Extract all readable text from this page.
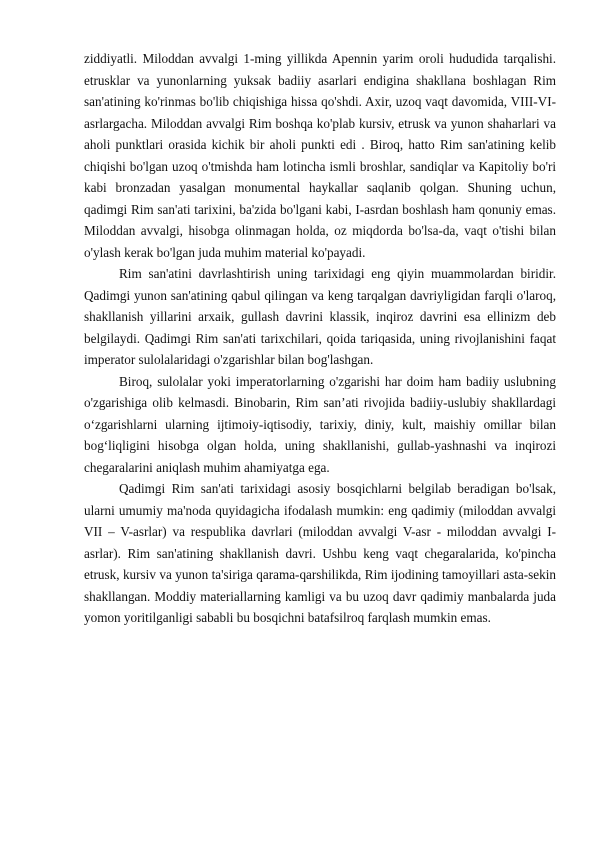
ziddiyatli. Miloddan avvalgi 1-ming yillikda Apennin yarim oroli hududida tarqalishi. etrusklar va yunonlarning yuksak badiiy asarlari endigina shakllana boshlagan Rim san'atining ko'rinmas bo'lib chiqishiga hissa qo'shdi. Axir, uzoq vaqt davomida, VIII-VI-asrlargacha. Miloddan avvalgi Rim boshqa ko'plab kursiv, etrusk va yunon shaharlari va aholi punktlari orasida kichik bir aholi punkti edi . Biroq, hatto Rim san'atining kelib chiqishi bo'lgan uzoq o'tmishda ham lotincha ismli broshlar, sandiqlar va Kapitoliy bo'ri kabi bronzadan yasalgan monumental haykallar saqlanib qolgan. Shuning uchun, qadimgi Rim san'ati tarixini, ba'zida bo'lgani kabi, I-asrdan boshlash ham qonuniy emas. Miloddan avvalgi, hisobga olinmagan holda, oz miqdorda bo'lsa-da, vaqt o'tishi bilan o'ylash kerak bo'lgan juda muhim material ko'payadi.

Rim san'atini davrlashtirish uning tarixidagi eng qiyin muammolardan biridir. Qadimgi yunon san'atining qabul qilingan va keng tarqalgan davriyligidan farqli o'laroq, shakllanish yillarini arxaik, gullash davrini klassik, inqiroz davrini esa ellinizm deb belgilaydi. Qadimgi Rim san'ati tarixchilari, qoida tariqasida, uning rivojlanishini faqat imperator sulolalaridagi o'zgarishlar bilan bog'lashgan.

Biroq, sulolalar yoki imperatorlarning o'zgarishi har doim ham badiiy uslubning o'zgarishiga olib kelmasdi. Binobarin, Rim sanʼati rivojida badiiy-uslubiy shakllardagi oʻzgarishlarni ularning ijtimoiy-iqtisodiy, tarixiy, diniy, kult, maishiy omillar bilan bogʻliqligini hisobga olgan holda, uning shakllanishi, gullab-yashnashi va inqirozi chegaralarini aniqlash muhim ahamiyatga ega.

Qadimgi Rim san'ati tarixidagi asosiy bosqichlarni belgilab beradigan bo'lsak, ularni umumiy ma'noda quyidagicha ifodalash mumkin: eng qadimiy (miloddan avvalgi VII – V-asrlar) va respublika davrlari (miloddan avvalgi V-asr - miloddan avvalgi I-asrlar). Rim san'atining shakllanish davri. Ushbu keng vaqt chegaralarida, ko'pincha etrusk, kursiv va yunon ta'siriga qarama-qarshilikda, Rim ijodining tamoyillari asta-sekin shakllangan. Moddiy materiallarning kamligi va bu uzoq davr qadimiy manbalarda juda yomon yoritilganligi sababli bu bosqichni batafsilroq farqlash mumkin emas.
